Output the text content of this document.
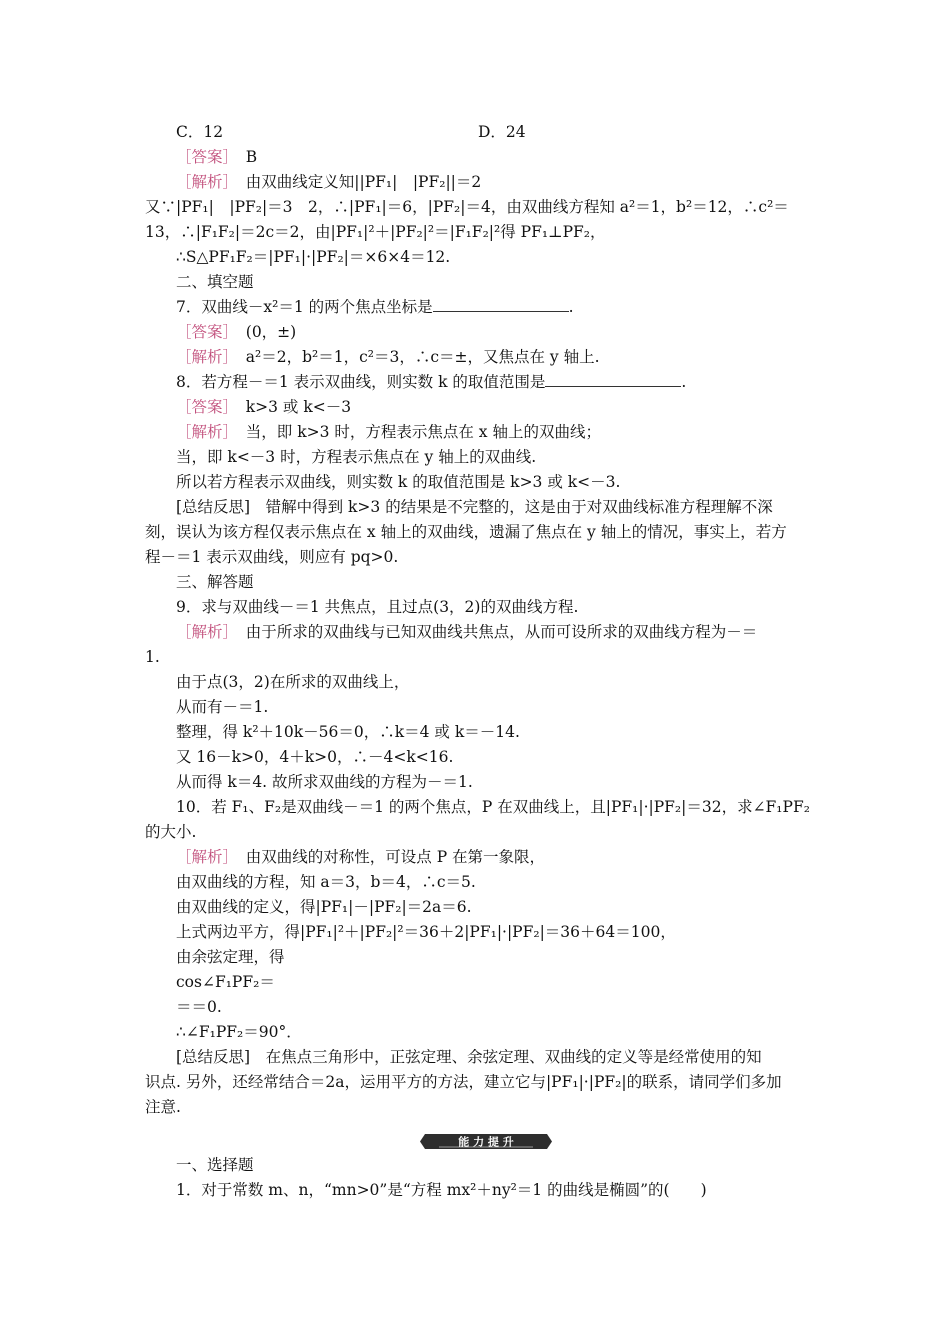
C．12	D．24
［答案］　B
［解析］　由双曲线定义知||PF₁|　|PF₂||＝2
又∵|PF₁|　|PF₂|＝3　2，∴|PF₁|＝6，|PF₂|＝4，由双曲线方程知 a²＝1，b²＝12，∴c²＝
13，∴|F₁F₂|＝2c＝2，由|PF₁|²＋|PF₂|²＝|F₁F₂|²得 PF₁⊥PF₂，
∴S△PF₁F₂＝|PF₁|·|PF₂|＝×6×4＝12.
二、填空题
7．双曲线－x²＝1 的两个焦点坐标是	.
［答案］　(0，±)
［解析］　a²＝2，b²＝1，c²＝3，∴c＝±，又焦点在 y 轴上.
8．若方程－＝1 表示双曲线，则实数 k 的取值范围是	.
［答案］　k>3 或 k<－3
［解析］　当，即 k>3 时，方程表示焦点在 x 轴上的双曲线；
当，即 k<－3 时，方程表示焦点在 y 轴上的双曲线.
所以若方程表示双曲线，则实数 k 的取值范围是 k>3 或 k<－3.
[总结反思]　错解中得到 k>3 的结果是不完整的，这是由于对双曲线标准方程理解不深
刻，误认为该方程仅表示焦点在 x 轴上的双曲线，遗漏了焦点在 y 轴上的情况，事实上，若方
程－＝1 表示双曲线，则应有 pq>0.
三、解答题
9．求与双曲线－＝1 共焦点，且过点(3，2)的双曲线方程.
［解析］　由于所求的双曲线与已知双曲线共焦点，从而可设所求的双曲线方程为－＝
1.
由于点(3，2)在所求的双曲线上，
从而有－＝1.
整理，得 k²＋10k－56＝0，∴k＝4 或 k＝－14.
又 16－k>0，4＋k>0，∴－4<k<16.
从而得 k＝4. 故所求双曲线的方程为－＝1.
10．若 F₁、F₂是双曲线－＝1 的两个焦点，P 在双曲线上，且|PF₁|·|PF₂|＝32，求∠F₁PF₂
的大小.
［解析］　由双曲线的对称性，可设点 P 在第一象限，
由双曲线的方程，知 a＝3，b＝4，∴c＝5.
由双曲线的定义，得|PF₁|－|PF₂|＝2a＝6.
上式两边平方，得|PF₁|²＋|PF₂|²＝36＋2|PF₁|·|PF₂|＝36＋64＝100，
由余弦定理，得
cos∠F₁PF₂＝
＝＝0.
∴∠F₁PF₂＝90°．
[总结反思]　在焦点三角形中，正弦定理、余弦定理、双曲线的定义等是经常使用的知
识点. 另外，还经常结合＝2a，运用平方的方法，建立它与|PF₁|·|PF₂|的联系，请同学们多加
注意.
一、选择题
1．对于常数 m、n，“mn>0”是“方程 mx²＋ny²＝1 的曲线是椭圆”的(　　)
能 力 提 升
